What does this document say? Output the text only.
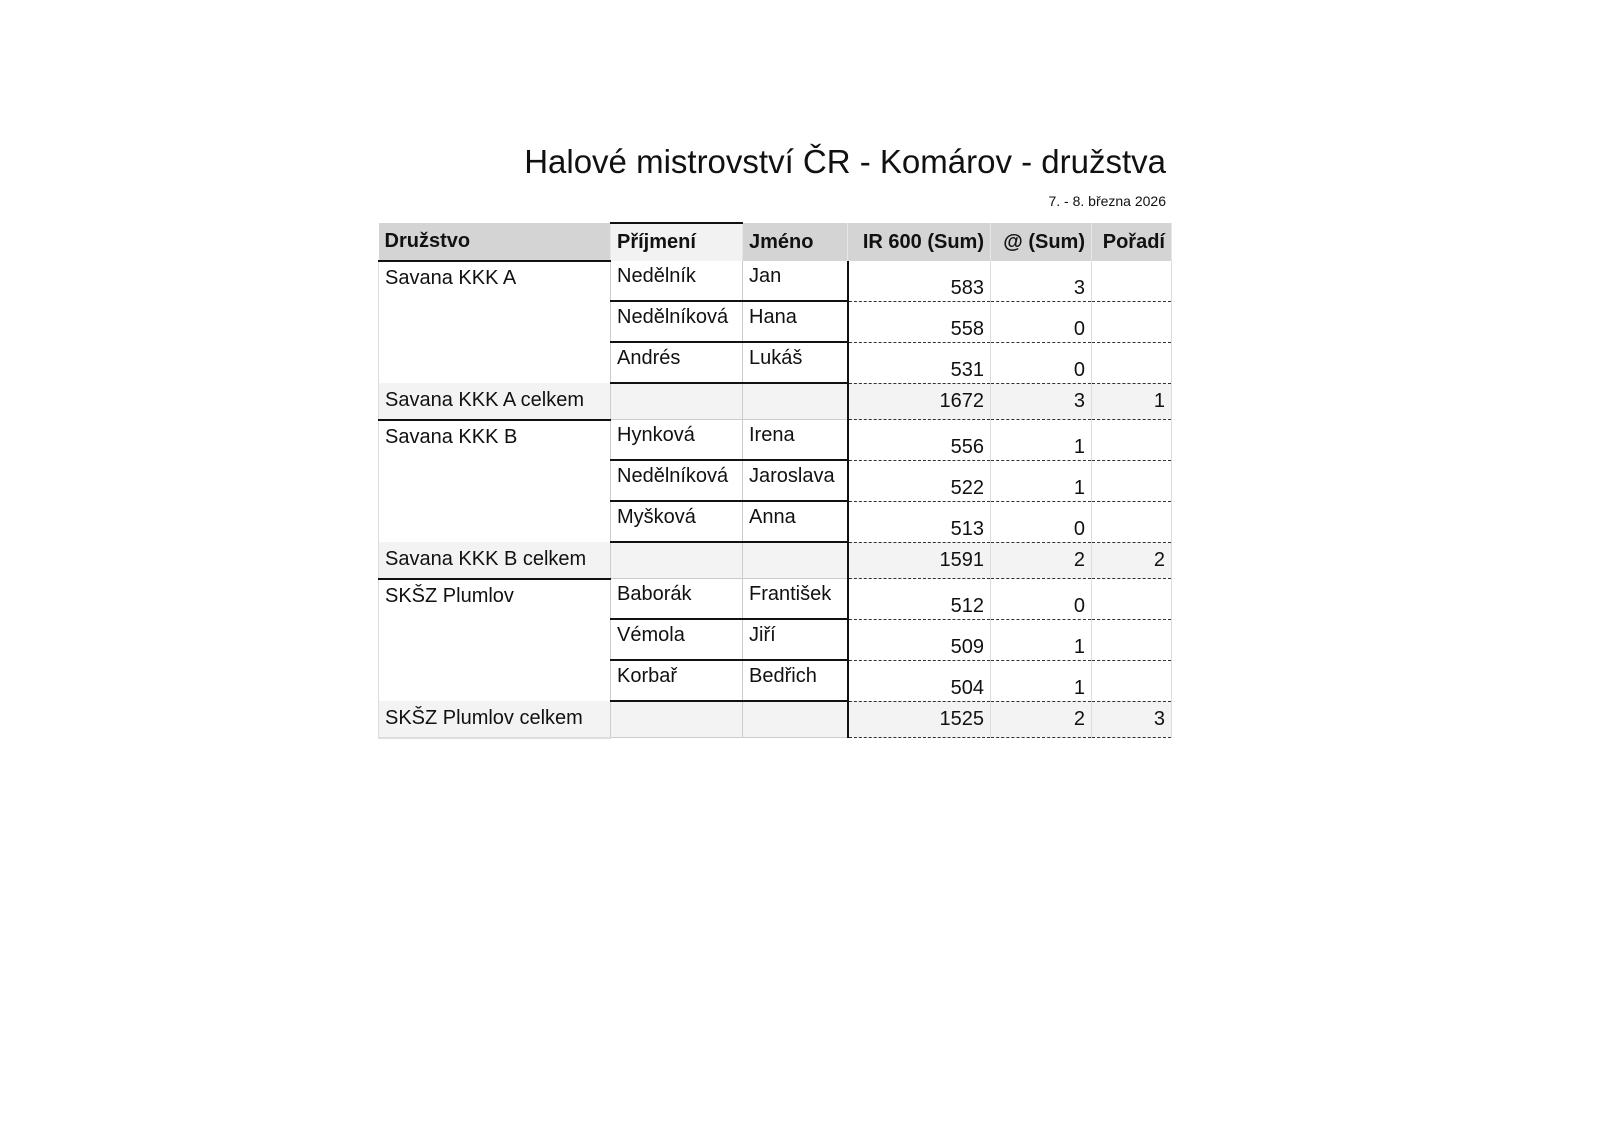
Halové mistrovství ČR - Komárov - družstva
7. - 8. března 2026
Družstvo	Příjmení	Jméno	IR 600 (Sum)	@ (Sum)	Pořadí
Savana KKK A	Nedělník	Jan	583	3	
	Nedělníková	Hana	558	0	
	Andrés	Lukáš	531	0	
Savana KKK A celkem			1672	3	1
Savana KKK B	Hynková	Irena	556	1	
	Nedělníková	Jaroslava	522	1	
	Myšková	Anna	513	0	
Savana KKK B celkem			1591	2	2
SKŠZ Plumlov	Baborák	František	512	0	
	Vémola	Jiří	509	1	
	Korbař	Bedřich	504	1	
SKŠZ Plumlov celkem			1525	2	3
